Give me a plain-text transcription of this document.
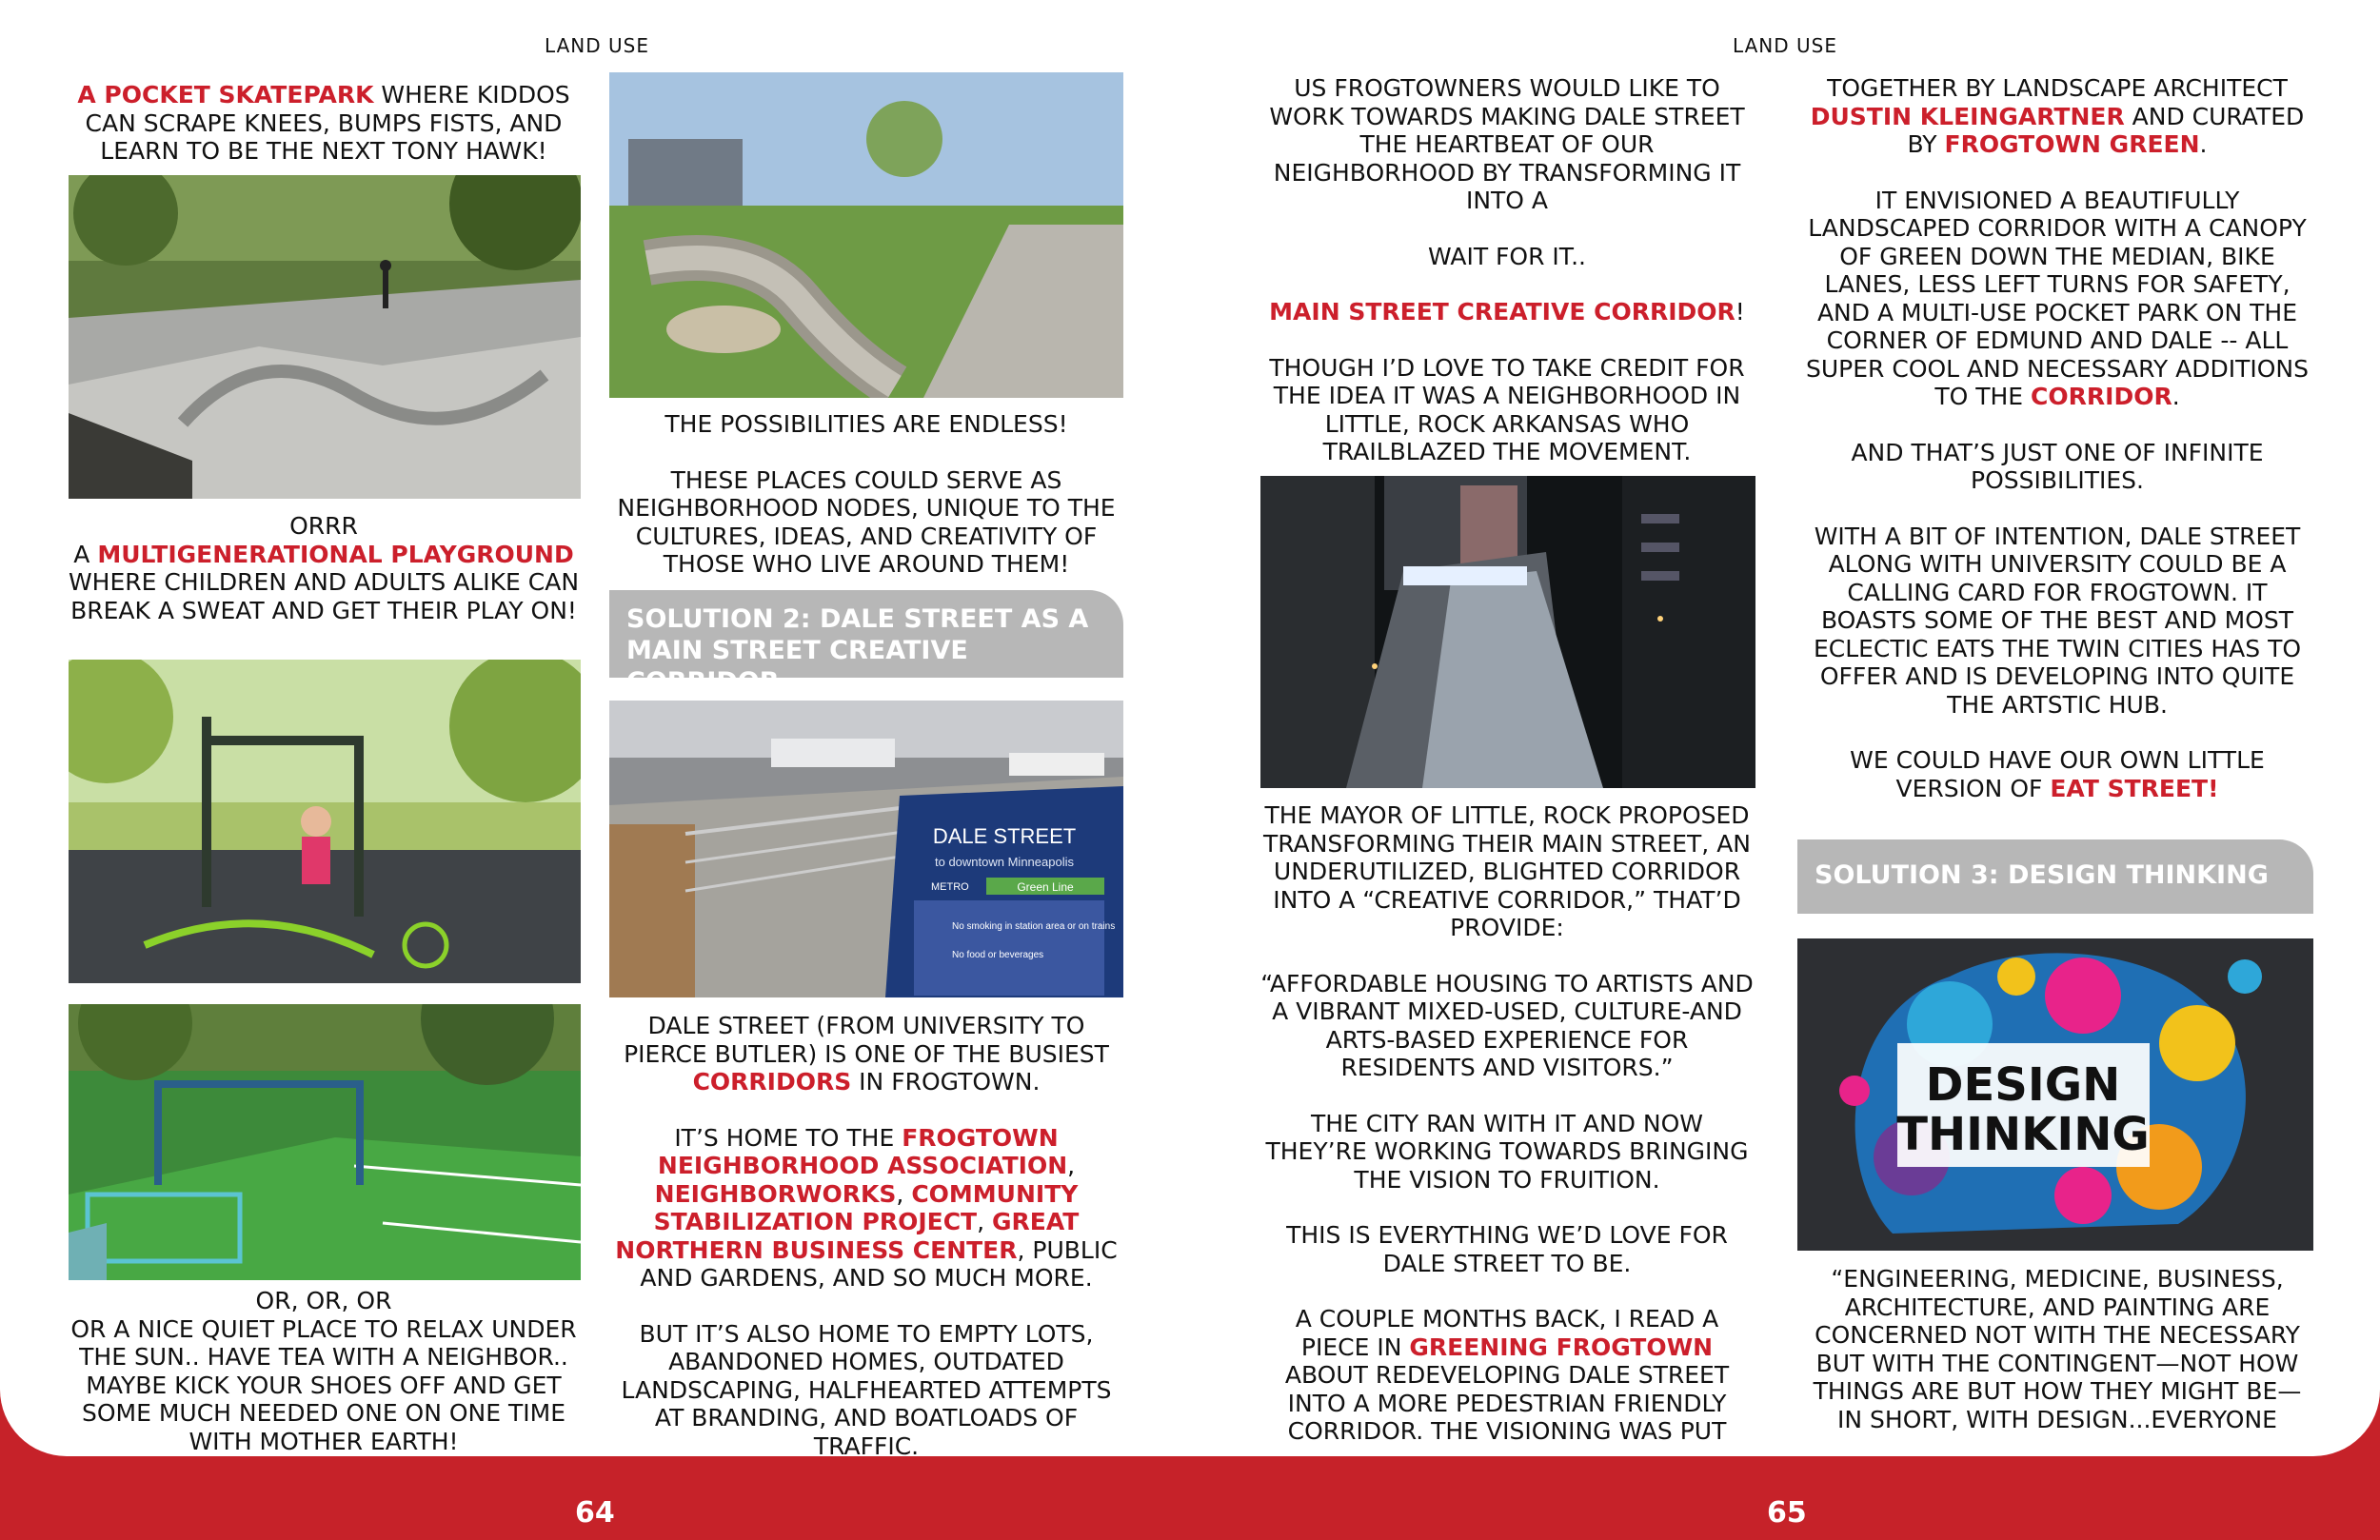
LAND USE

A POCKET SKATEPARK WHERE KIDDOS CAN SCRAPE KNEES, BUMPS FISTS, AND LEARN TO BE THE NEXT TONY HAWK!

ORRR

A MULTIGENERATIONAL PLAYGROUND WHERE CHILDREN AND ADULTS ALIKE CAN BREAK A SWEAT AND GET THEIR PLAY ON!

OR, OR, OR

OR A NICE QUIET PLACE TO RELAX UNDER THE SUN.. HAVE TEA WITH A NEIGHBOR.. MAYBE KICK YOUR SHOES OFF AND GET SOME MUCH NEEDED ONE ON ONE TIME WITH MOTHER EARTH!

THE POSSIBILITIES ARE ENDLESS!

THESE PLACES COULD SERVE AS NEIGHBORHOOD NODES, UNIQUE TO THE CULTURES, IDEAS, AND CREATIVITY OF THOSE WHO LIVE AROUND THEM!

SOLUTION 2: DALE STREET AS A MAIN STREET CREATIVE CORRIDOR
DALE STREET
to downtown Minneapolis
METRO	Green Line
No smoking in station area or on trains
No food or beverages

DALE STREET (FROM UNIVERSITY TO PIERCE BUTLER) IS ONE OF THE BUSIEST CORRIDORS IN FROGTOWN.

IT’S HOME TO THE FROGTOWN NEIGHBORHOOD ASSOCIATION, NEIGHBORWORKS, COMMUNITY STABILIZATION PROJECT, GREAT NORTHERN BUSINESS CENTER, PUBLIC AND GARDENS, AND SO MUCH MORE.

BUT IT’S ALSO HOME TO EMPTY LOTS, ABANDONED HOMES, OUTDATED LANDSCAPING, HALFHEARTED ATTEMPTS AT BRANDING, AND BOATLOADS OF TRAFFIC.

LAND USE

US FROGTOWNERS WOULD LIKE TO WORK TOWARDS MAKING DALE STREET THE HEARTBEAT OF OUR NEIGHBORHOOD BY TRANSFORMING IT INTO A

WAIT FOR IT..

MAIN STREET CREATIVE CORRIDOR!

THOUGH I’D LOVE TO TAKE CREDIT FOR THE IDEA IT WAS A NEIGHBORHOOD IN LITTLE, ROCK ARKANSAS WHO TRAILBLAZED THE MOVEMENT.

THE MAYOR OF LITTLE, ROCK PROPOSED TRANSFORMING THEIR MAIN STREET, AN UNDERUTILIZED, BLIGHTED CORRIDOR INTO A “CREATIVE CORRIDOR,” THAT’D PROVIDE:

“AFFORDABLE HOUSING TO ARTISTS AND A VIBRANT MIXED-USED, CULTURE-AND ARTS-BASED EXPERIENCE FOR RESIDENTS AND VISITORS.”

THE CITY RAN WITH IT AND NOW THEY’RE WORKING TOWARDS BRINGING THE VISION TO FRUITION.

THIS IS EVERYTHING WE’D LOVE FOR DALE STREET TO BE.

A COUPLE MONTHS BACK, I READ A PIECE IN GREENING FROGTOWN ABOUT REDEVELOPING DALE STREET INTO A MORE PEDESTRIAN FRIENDLY CORRIDOR. THE VISIONING WAS PUT

TOGETHER BY LANDSCAPE ARCHITECT DUSTIN KLEINGARTNER AND CURATED BY FROGTOWN GREEN.

IT ENVISIONED A BEAUTIFULLY LANDSCAPED CORRIDOR WITH A CANOPY OF GREEN DOWN THE MEDIAN, BIKE LANES, LESS LEFT TURNS FOR SAFETY, AND A MULTI-USE POCKET PARK ON THE CORNER OF EDMUND AND DALE -- ALL SUPER COOL AND NECESSARY ADDITIONS TO THE CORRIDOR.

AND THAT’S JUST ONE OF INFINITE POSSIBILITIES.

WITH A BIT OF INTENTION, DALE STREET ALONG WITH UNIVERSITY COULD BE A CALLING CARD FOR FROGTOWN. IT BOASTS SOME OF THE BEST AND MOST ECLECTIC EATS THE TWIN CITIES HAS TO OFFER AND IS DEVELOPING INTO QUITE THE ARTSTIC HUB.

WE COULD HAVE OUR OWN LITTLE VERSION OF EAT STREET!

SOLUTION 3: DESIGN THINKING
DESIGN
THINKING

“ENGINEERING, MEDICINE, BUSINESS, ARCHITECTURE, AND PAINTING ARE CONCERNED NOT WITH THE NECESSARY BUT WITH THE CONTINGENT—NOT HOW THINGS ARE BUT HOW THEY MIGHT BE—IN SHORT, WITH DESIGN...EVERYONE

64	65
